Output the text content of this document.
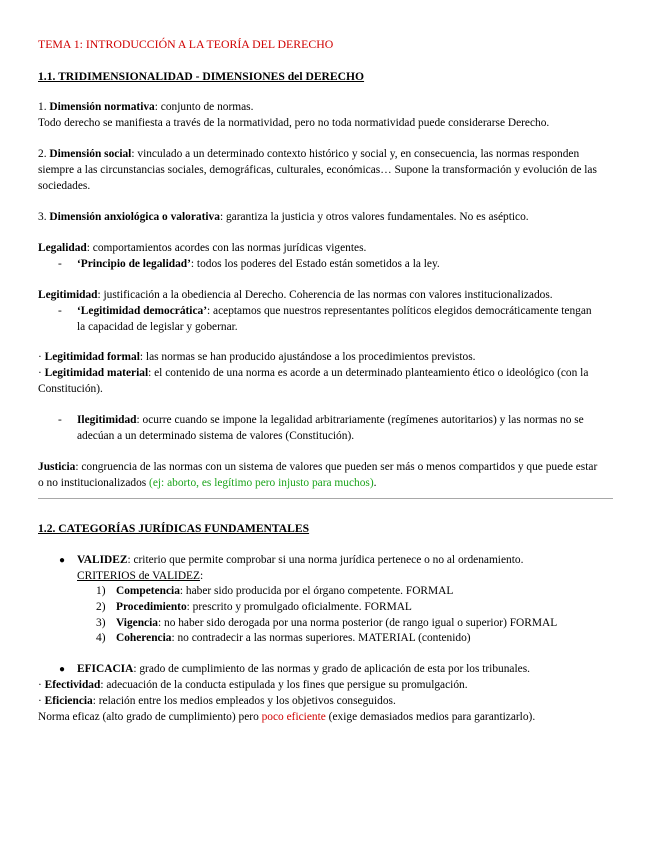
TEMA 1: INTRODUCCIÓN A LA TEORÍA DEL DERECHO
1.1. TRIDIMENSIONALIDAD - DIMENSIONES del DERECHO
1. Dimensión normativa: conjunto de normas.
Todo derecho se manifiesta a través de la normatividad, pero no toda normatividad puede considerarse Derecho.
2. Dimensión social: vinculado a un determinado contexto histórico y social y, en consecuencia, las normas responden
siempre a las circunstancias sociales, demográficas, culturales, económicas… Supone la transformación y evolución de las
sociedades.
3. Dimensión anxiológica o valorativa: garantiza la justicia y otros valores fundamentales. No es aséptico.
Legalidad: comportamientos acordes con las normas jurídicas vigentes.
- ‘Principio de legalidad’: todos los poderes del Estado están sometidos a la ley.
Legitimidad: justificación a la obediencia al Derecho. Coherencia de las normas con valores institucionalizados.
- ‘Legitimidad democrática’: aceptamos que nuestros representantes políticos elegidos democráticamente tengan
la capacidad de legislar y gobernar.
· Legitimidad formal: las normas se han producido ajustándose a los procedimientos previstos.
· Legitimidad material: el contenido de una norma es acorde a un determinado planteamiento ético o ideológico (con la
Constitución).
- Ilegitimidad: ocurre cuando se impone la legalidad arbitrariamente (regímenes autoritarios) y las normas no se
adecúan a un determinado sistema de valores (Constitución).
Justicia: congruencia de las normas con un sistema de valores que pueden ser más o menos compartidos y que puede estar
o no institucionalizados (ej: aborto, es legítimo pero injusto para muchos).
1.2. CATEGORÍAS JURÍDICAS FUNDAMENTALES
● VALIDEZ: criterio que permite comprobar si una norma jurídica pertenece o no al ordenamiento.
CRITERIOS de VALIDEZ:
1) Competencia: haber sido producida por el órgano competente. FORMAL
2) Procedimiento: prescrito y promulgado oficialmente. FORMAL
3) Vigencia: no haber sido derogada por una norma posterior (de rango igual o superior) FORMAL
4) Coherencia: no contradecir a las normas superiores. MATERIAL (contenido)
● EFICACIA: grado de cumplimiento de las normas y grado de aplicación de esta por los tribunales.
· Efectividad: adecuación de la conducta estipulada y los fines que persigue su promulgación.
· Eficiencia: relación entre los medios empleados y los objetivos conseguidos.
Norma eficaz (alto grado de cumplimiento) pero poco eficiente (exige demasiados medios para garantizarlo).
